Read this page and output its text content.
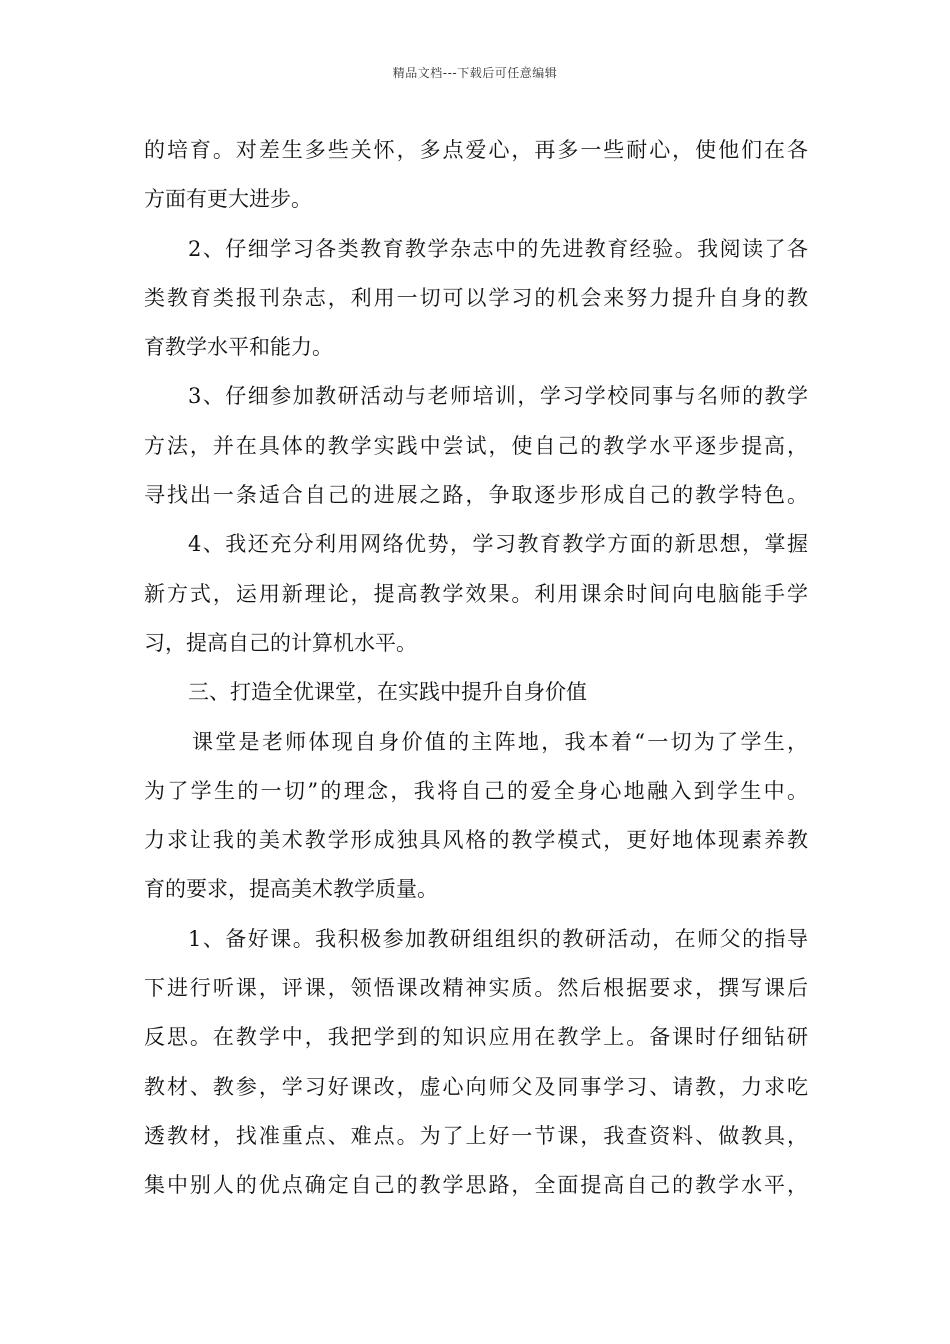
精品文档---下载后可任意编辑
的培育。对差生多些关怀，多点爱心，再多一些耐心，使他们在各
方面有更大进步。
2、仔细学习各类教育教学杂志中的先进教育经验。我阅读了各
类教育类报刊杂志，利用一切可以学习的机会来努力提升自身的教
育教学水平和能力。
3、仔细参加教研活动与老师培训，学习学校同事与名师的教学
方法，并在具体的教学实践中尝试，使自己的教学水平逐步提高，
寻找出一条适合自己的进展之路，争取逐步形成自己的教学特色。
4、我还充分利用网络优势，学习教育教学方面的新思想，掌握
新方式，运用新理论，提高教学效果。利用课余时间向电脑能手学
习，提高自己的计算机水平。
三、打造全优课堂，在实践中提升自身价值
课堂是老师体现自身价值的主阵地，我本着“一切为了学生，
为了学生的一切”的理念，我将自己的爱全身心地融入到学生中。
力求让我的美术教学形成独具风格的教学模式，更好地体现素养教
育的要求，提高美术教学质量。
1、备好课。我积极参加教研组组织的教研活动，在师父的指导
下进行听课，评课，领悟课改精神实质。然后根据要求，撰写课后
反思。在教学中，我把学到的知识应用在教学上。备课时仔细钻研
教材、教参，学习好课改，虚心向师父及同事学习、请教，力求吃
透教材，找准重点、难点。为了上好一节课，我查资料、做教具，
集中别人的优点确定自己的教学思路，全面提高自己的教学水平，
